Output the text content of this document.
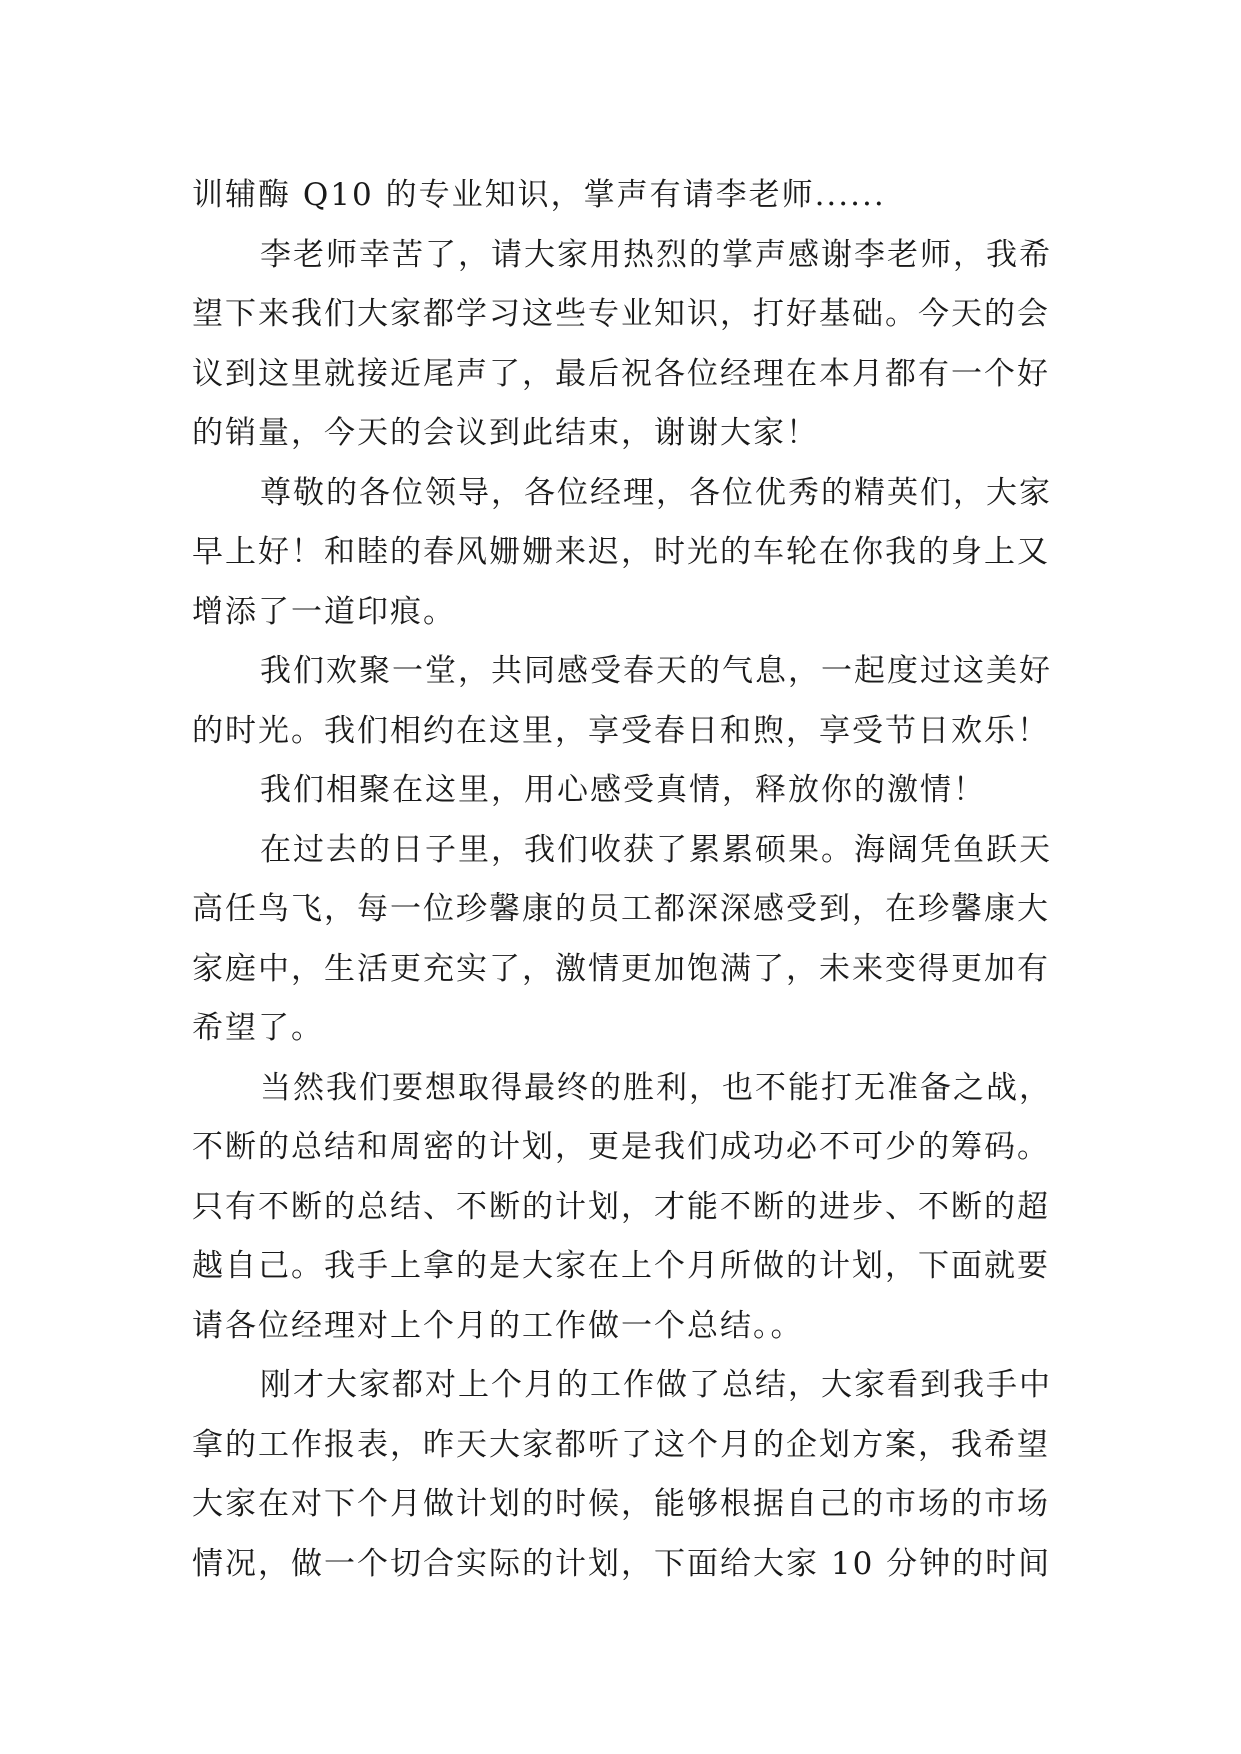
训辅酶 Q10 的专业知识，掌声有请李老师......
李老师幸苦了，请大家用热烈的掌声感谢李老师，我希
望下来我们大家都学习这些专业知识，打好基础。今天的会
议到这里就接近尾声了，最后祝各位经理在本月都有一个好
的销量，今天的会议到此结束，谢谢大家！
尊敬的各位领导，各位经理，各位优秀的精英们，大家
早上好！和睦的春风姗姗来迟，时光的车轮在你我的身上又
增添了一道印痕。
我们欢聚一堂，共同感受春天的气息，一起度过这美好
的时光。我们相约在这里，享受春日和煦，享受节日欢乐！
我们相聚在这里，用心感受真情，释放你的激情！
在过去的日子里，我们收获了累累硕果。海阔凭鱼跃天
高任鸟飞，每一位珍馨康的员工都深深感受到，在珍馨康大
家庭中，生活更充实了，激情更加饱满了，未来变得更加有
希望了。
当然我们要想取得最终的胜利，也不能打无准备之战，
不断的总结和周密的计划，更是我们成功必不可少的筹码。
只有不断的总结、不断的计划，才能不断的进步、不断的超
越自己。我手上拿的是大家在上个月所做的计划，下面就要
请各位经理对上个月的工作做一个总结。。
刚才大家都对上个月的工作做了总结，大家看到我手中
拿的工作报表，昨天大家都听了这个月的企划方案，我希望
大家在对下个月做计划的时候，能够根据自己的市场的市场
情况，做一个切合实际的计划，下面给大家 10 分钟的时间
